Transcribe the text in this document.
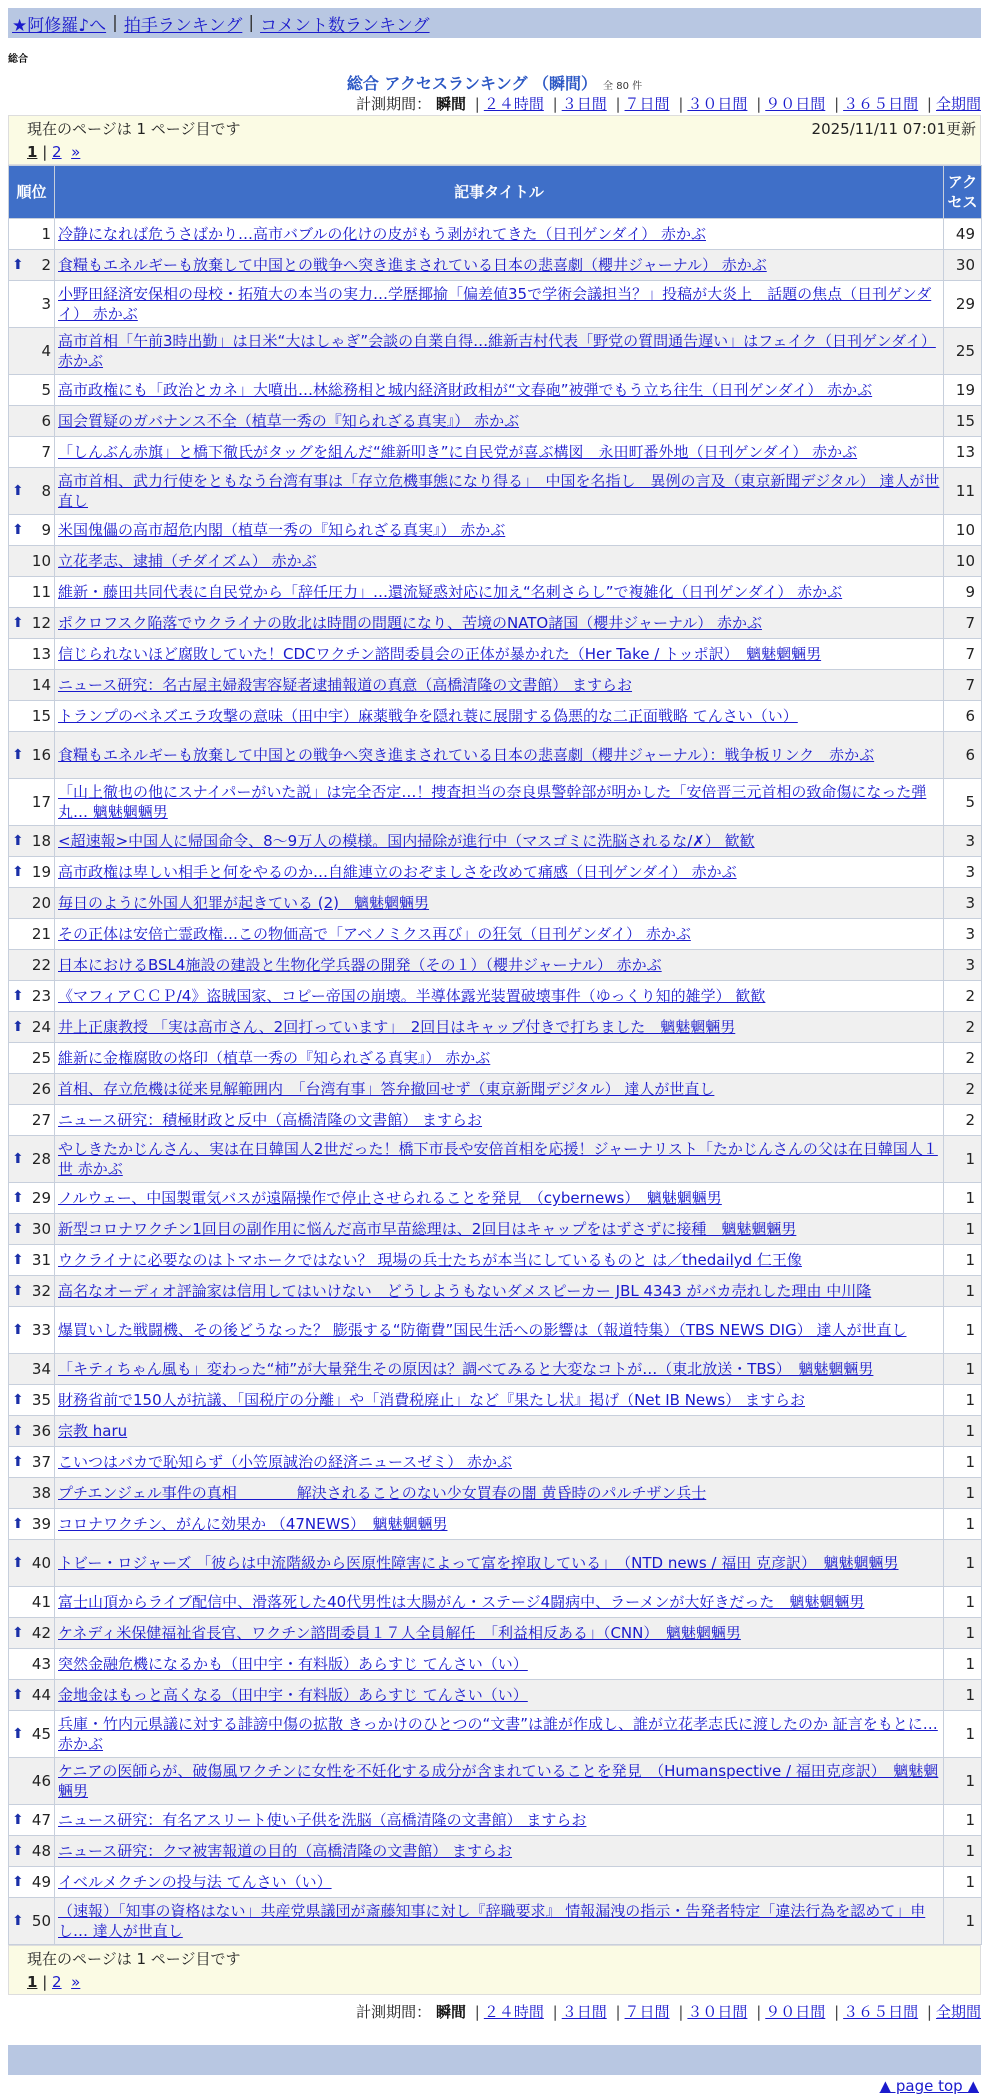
★阿修羅♪へ | 拍手ランキング | コメント数ランキング
総合
総合 アクセスランキング （瞬間） 全 80 件
計測期間： 瞬間 | ２４時間 | ３日間 | ７日間 | ３０日間 | ９０日間 | ３６５日間 | 全期間
現在のページは 1 ページ目です	2025/11/11 07:01更新
1 | 2 »
順位	記事タイトル	アクセス
1	冷静になれば危うさばかり…高市バブルの化けの皮がもう剥がれてきた（日刊ゲンダイ） 赤かぶ	49

⬆ 2	食糧もエネルギーも放棄して中国との戦争へ突き進まされている日本の悲喜劇（櫻井ジャーナル） 赤かぶ	30
3	小野田経済安保相の母校・拓殖大の本当の実力…学歴揶揄「偏差値35で学術会議担当？」投稿が大炎上　話題の焦点（日刊ゲンダイ） 赤かぶ	29
4	高市首相「午前3時出勤」は日米“大はしゃぎ”会談の自業自得…維新吉村代表「野党の質問通告遅い」はフェイク（日刊ゲンダイ） 赤かぶ	25
5	高市政権にも「政治とカネ」大噴出…林総務相と城内経済財政相が“文春砲”被弾でもう立ち往生（日刊ゲンダイ） 赤かぶ	19
6	国会質疑のガバナンス不全（植草一秀の『知られざる真実』） 赤かぶ	15
7	「しんぶん赤旗」と橋下徹氏がタッグを組んだ“維新叩き”に自民党が喜ぶ構図　永田町番外地（日刊ゲンダイ） 赤かぶ	13

⬆ 8	高市首相、武力行使をともなう台湾有事は「存立危機事態になり得る」　中国を名指し　異例の言及（東京新聞デジタル） 達人が世直し	11

⬆ 9	米国傀儡の高市超危内閣（植草一秀の『知られざる真実』） 赤かぶ	10
10	立花孝志、逮捕（チダイズム） 赤かぶ	10
11	維新・藤田共同代表に自民党から「辞任圧力」…還流疑惑対応に加え“名刺さらし”で複雑化（日刊ゲンダイ） 赤かぶ	9

⬆ 12	ポクロフスク陥落でウクライナの敗北は時間の問題になり、苦境のNATO諸国（櫻井ジャーナル） 赤かぶ	7
13	信じられないほど腐敗していた！CDCワクチン諮問委員会の正体が暴かれた（Her Take / トッポ訳）　魑魅魍魎男	7
14	ニュース研究：名古屋主婦殺害容疑者逮捕報道の真意（高橋清隆の文書館） ますらお	7
15	トランプのベネズエラ攻撃の意味（田中宇）麻薬戦争を隠れ蓑に展開する偽悪的な二正面戦略 てんさい（い）	6

⬆ 16	食糧もエネルギーも放棄して中国との戦争へ突き進まされている日本の悲喜劇（櫻井ジャーナル）：戦争板リンク　赤かぶ	6
17	「山上徹也の他にスナイパーがいた説」は完全否定…！捜査担当の奈良県警幹部が明かした「安倍晋三元首相の致命傷になった弾丸… 魑魅魍魎男	5

⬆ 18	<超速報>中国人に帰国命令、8～9万人の模様。国内掃除が進行中（マスゴミに洗脳されるな/✗） 歓歓	3

⬆ 19	高市政権は卑しい相手と何をやるのか…自維連立のおぞましさを改めて痛感（日刊ゲンダイ） 赤かぶ	3
20	毎日のように外国人犯罪が起きている (2)　魑魅魍魎男	3
21	その正体は安倍亡霊政権…この物価高で「アベノミクス再び」の狂気（日刊ゲンダイ） 赤かぶ	3
22	日本におけるBSL4施設の建設と生物化学兵器の開発（その１）（櫻井ジャーナル） 赤かぶ	3

⬆ 23	《マフィアＣＣＰ/4》盗賊国家、コピー帝国の崩壊。半導体露光装置破壊事件（ゆっくり知的雑学） 歓歓	2

⬆ 24	井上正康教授 「実は高市さん、2回打っています」　2回目はキャップ付きで打ちました　魑魅魍魎男	2
25	維新に金権腐敗の烙印（植草一秀の『知られざる真実』） 赤かぶ	2
26	首相、存立危機は従来見解範囲内　「台湾有事」答弁撤回せず（東京新聞デジタル） 達人が世直し	2
27	ニュース研究：積極財政と反中（高橋清隆の文書館） ますらお	2

⬆ 28	やしきたかじんさん、実は在日韓国人2世だった！橋下市長や安倍首相を応援！ジャーナリスト「たかじんさんの父は在日韓国人１世 赤かぶ	1

⬆ 29	ノルウェー、中国製電気バスが遠隔操作で停止させられることを発見　（cybernews）　魑魅魍魎男	1

⬆ 30	新型コロナワクチン1回目の副作用に悩んだ高市早苗総理は、2回目はキャップをはずさずに接種　魑魅魍魎男	1

⬆ 31	ウクライナに必要なのはトマホークではない？ 現場の兵士たちが本当にしているものと は／thedailyd 仁王像	1

⬆ 32	高名なオーディオ評論家は信用してはいけない　どうしようもないダメスピーカー JBL 4343 がバカ売れした理由 中川隆	1

⬆ 33	爆買いした戦闘機、その後どうなった？ 膨張する“防衛費”国民生活への影響は（報道特集）（TBS NEWS DIG） 達人が世直し	1
34	「キティちゃん風も」変わった“柿”が大量発生その原因は？調べてみると大変なコトが…（東北放送・TBS）　魑魅魍魎男	1

⬆ 35	財務省前で150人が抗議、「国税庁の分離」や「消費税廃止」など『果たし状』掲げ（Net IB News） ますらお	1

⬆ 36	宗教 haru	1

⬆ 37	こいつはバカで恥知らず（小笠原誠治の経済ニュースゼミ） 赤かぶ	1
38	プチエンジェル事件の真相　　　　解決されることのない少女買春の闇 黄昏時のパルチザン兵士	1

⬆ 39	コロナワクチン、がんに効果か （47NEWS）　魑魅魍魎男	1

⬆ 40	トビー・ロジャーズ 「彼らは中流階級から医原性障害によって富を搾取している」　（NTD news / 福田 克彦訳）　魑魅魍魎男	1
41	富士山頂からライブ配信中、滑落死した40代男性は大腸がん・ステージ4闘病中、ラーメンが大好きだった　魑魅魍魎男	1

⬆ 42	ケネディ米保健福祉省長官、ワクチン諮問委員１７人全員解任　「利益相反ある」（CNN）　魑魅魍魎男	1
43	突然金融危機になるかも（田中宇・有料版）あらすじ てんさい（い）	1

⬆ 44	金地金はもっと高くなる（田中宇・有料版）あらすじ てんさい（い）	1

⬆ 45	兵庫・竹内元県議に対する誹謗中傷の拡散 きっかけのひとつの“文書”は誰が作成し、誰が立花孝志氏に渡したのか 証言をもとに… 赤かぶ	1
46	ケニアの医師らが、破傷風ワクチンに女性を不妊化する成分が含まれていることを発見　（Humanspective / 福田克彦訳）　魑魅魍魎男	1

⬆ 47	ニュース研究：有名アスリート使い子供を洗脳（高橋清隆の文書館） ますらお	1

⬆ 48	ニュース研究：クマ被害報道の目的（高橋清隆の文書館） ますらお	1

⬆ 49	イベルメクチンの投与法 てんさい（い）	1

⬆ 50	（速報）「知事の資格はない」共産党県議団が斎藤知事に対し『辞職要求』 情報漏洩の指示・告発者特定「違法行為を認めて」申し… 達人が世直し	1
現在のページは 1 ページ目です
1 | 2 »
計測期間： 瞬間 | ２４時間 | ３日間 | ７日間 | ３０日間 | ９０日間 | ３６５日間 | 全期間
▲ page top ▲
